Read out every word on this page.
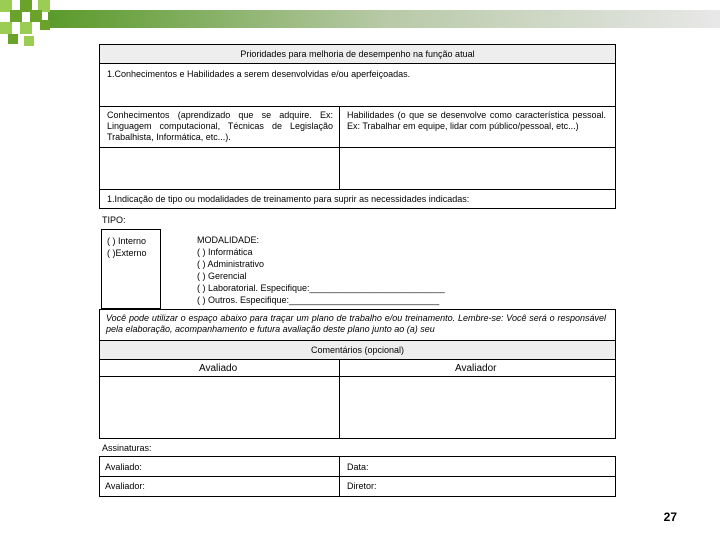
Prioridades para melhoria de desempenho na função atual
1.Conhecimentos e Habilidades a serem desenvolvidas e/ou aperfeiçoadas.
Conhecimentos (aprendizado que se adquire. Ex: Linguagem computacional, Técnicas de Legislação Trabalhista, Informática, etc...).
Habilidades (o que se desenvolve como característica pessoal. Ex: Trabalhar em equipe, lidar com público/pessoal, etc...)
1.Indicação de tipo ou modalidades de treinamento para suprir as necessidades indicadas:
TIPO:
( ) Interno
( )Externo
MODALIDADE:
( ) Informática
( ) Administrativo
( ) Gerencial
( ) Laboratorial. Especifique:___________________________
( ) Outros. Especifique:______________________________
Você pode utilizar o espaço abaixo para traçar um plano de trabalho e/ou treinamento. Lembre-se: Você será o responsável pela elaboração, acompanhamento e futura avaliação deste plano junto ao (a) seu
Comentários (opcional)
Avaliado	Avaliador
Assinaturas:
Avaliado:	Data:
Avaliador:	Diretor:
27
